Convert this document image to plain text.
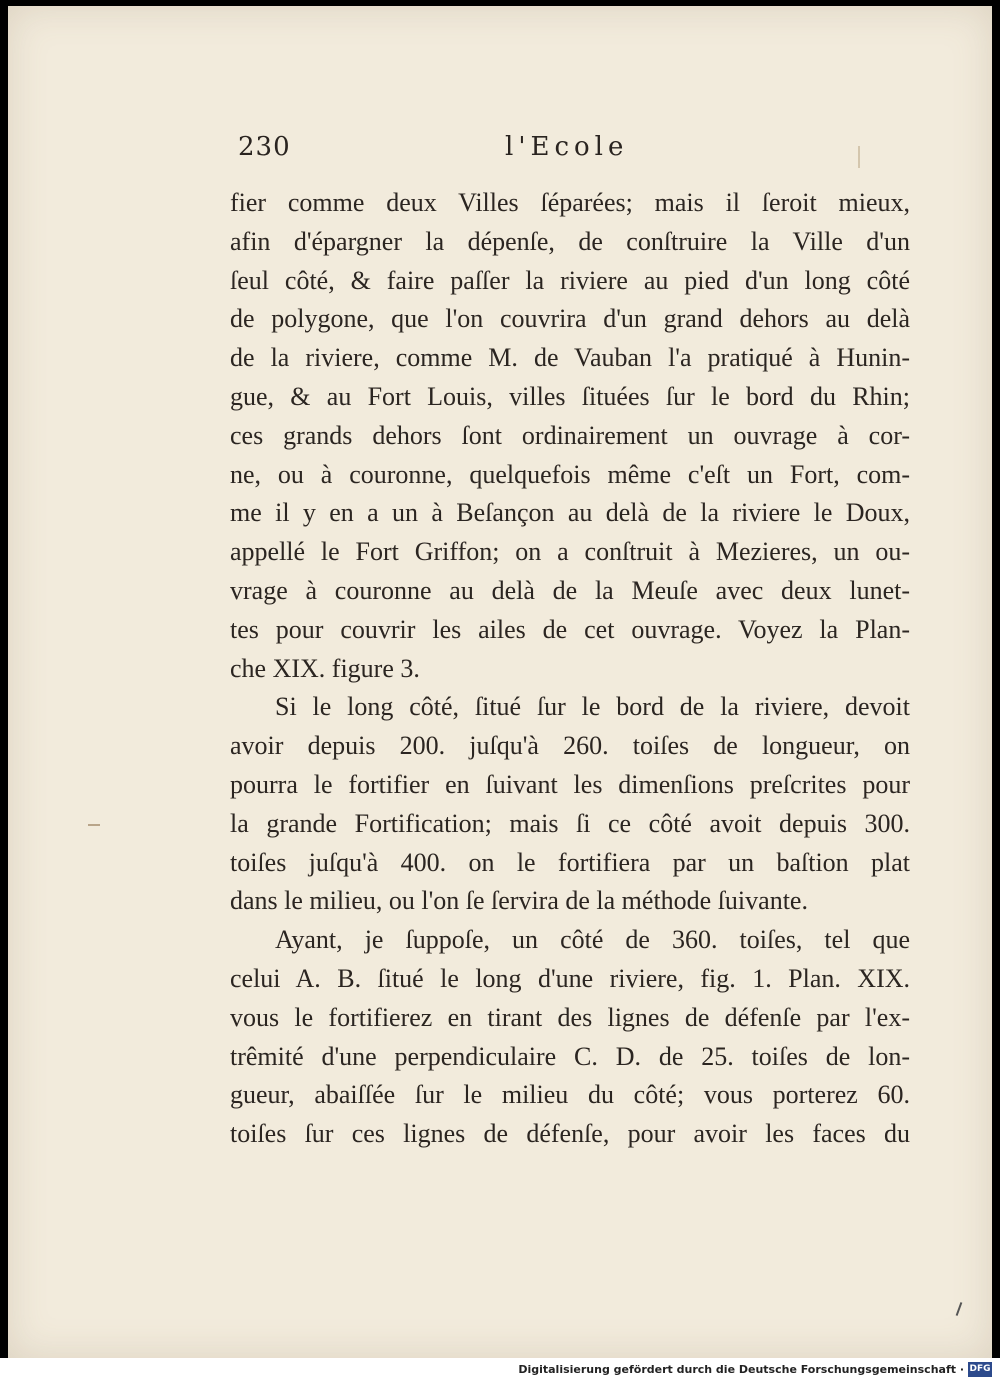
230	l'Ecole
fier comme deux Villes ſéparées; mais il ſeroit mieux,
afin d'épargner la dépenſe, de conſtruire la Ville d'un
ſeul côté, & faire paſſer la riviere au pied d'un long côté
de polygone, que l'on couvrira d'un grand dehors au delà
de la riviere, comme M. de Vauban l'a pratiqué à Hunin-
gue, & au Fort Louis, villes ſituées ſur le bord du Rhin;
ces grands dehors ſont ordinairement un ouvrage à cor-
ne, ou à couronne, quelquefois même c'eſt un Fort, com-
me il y en a un à Beſançon au delà de la riviere le Doux,
appellé le Fort Griffon; on a conſtruit à Mezieres, un ou-
vrage à couronne au delà de la Meuſe avec deux lunet-
tes pour couvrir les ailes de cet ouvrage. Voyez la Plan-
che XIX. figure 3.
Si le long côté, ſitué ſur le bord de la riviere, devoit
avoir depuis 200. juſqu'à 260. toiſes de longueur, on
pourra le fortifier en ſuivant les dimenſions preſcrites pour
la grande Fortification; mais ſi ce côté avoit depuis 300.
toiſes juſqu'à 400. on le fortifiera par un baſtion plat
dans le milieu, ou l'on ſe ſervira de la méthode ſuivante.
Ayant, je ſuppoſe, un côté de 360. toiſes, tel que
celui A. B. ſitué le long d'une riviere, fig. 1. Plan. XIX.
vous le fortifierez en tirant des lignes de défenſe par l'ex-
trêmité d'une perpendiculaire C. D. de 25. toiſes de lon-
gueur, abaiſſée ſur le milieu du côté; vous porterez 60.
toiſes ſur ces lignes de défenſe, pour avoir les faces du
Digitalisierung gefördert durch die Deutsche Forschungsgemeinschaft · DFG
